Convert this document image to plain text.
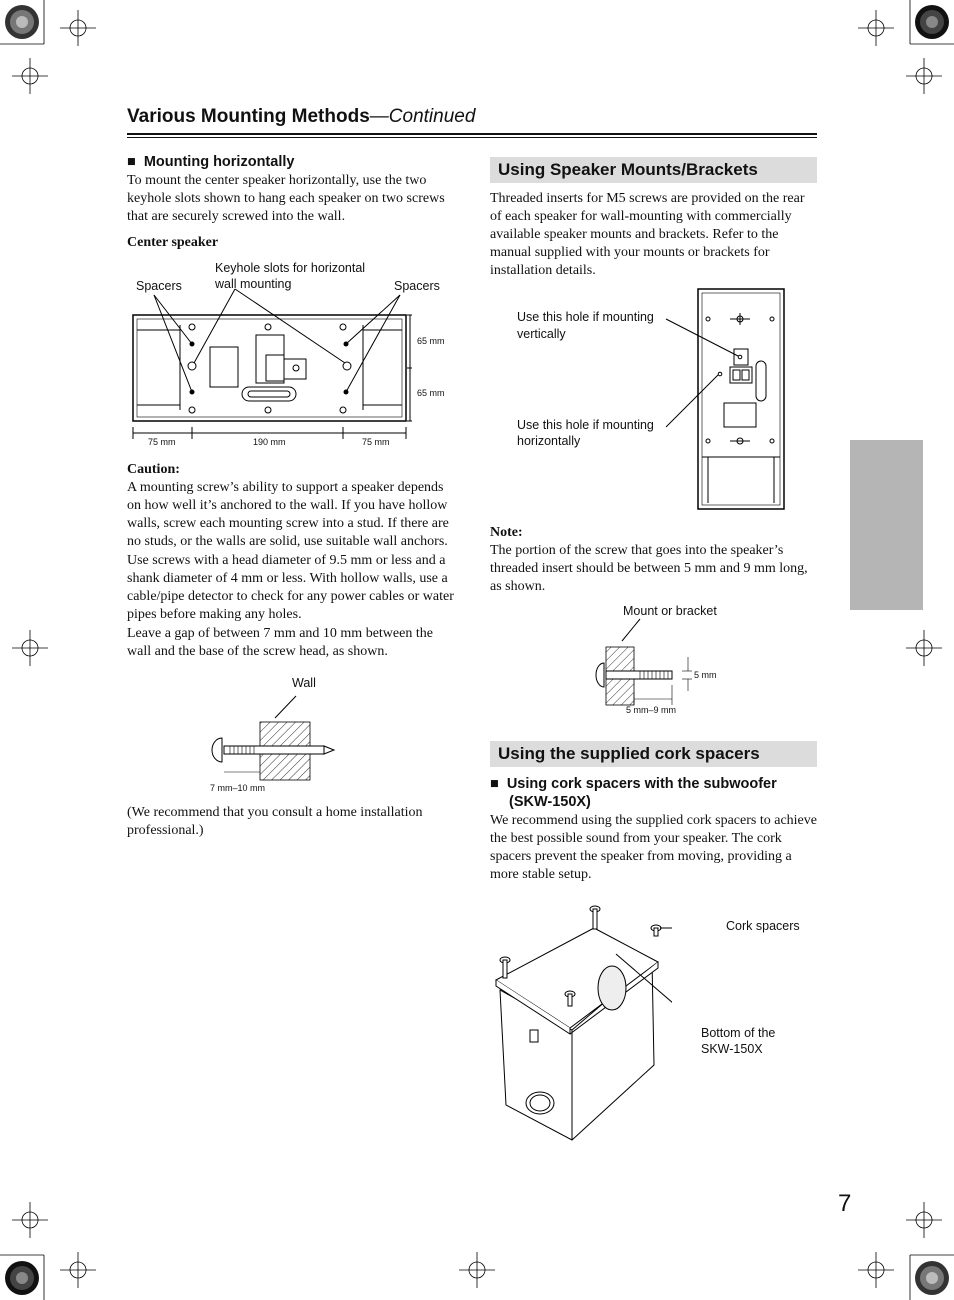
Various Mounting Methods—Continued
■ Mounting horizontally
To mount the center speaker horizontally, use the two keyhole slots shown to hang each speaker on two screws that are securely screwed into the wall.
Center speaker
Spacers
Keyhole slots for horizontal
wall mounting	Spacers
65 mm
65 mm
75 mm	190 mm	75 mm
Caution:
A mounting screw’s ability to support a speaker depends on how well it’s anchored to the wall. If you have hollow walls, screw each mounting screw into a stud. If there are no studs, or the walls are solid, use suitable wall anchors.
Use screws with a head diameter of 9.5 mm or less and a shank diameter of 4 mm or less. With hollow walls, use a cable/pipe detector to check for any power cables or water pipes before making any holes.
Leave a gap of between 7 mm and 10 mm between the wall and the base of the screw head, as shown.
Wall
7 mm–10 mm
(We recommend that you consult a home installation professional.)
Using Speaker Mounts/Brackets
Threaded inserts for M5 screws are provided on the rear of each speaker for wall-mounting with commercially available speaker mounts and brackets. Refer to the manual supplied with your mounts or brackets for installation details.
Use this hole if mounting
vertically
Use this hole if mounting
horizontally
Note:
The portion of the screw that goes into the speaker’s threaded insert should be between 5 mm and 9 mm long, as shown.
Mount or bracket
5 mm
5 mm–9 mm
Using the supplied cork spacers
■ Using cork spacers with the subwoofer
(SKW-150X)
We recommend using the supplied cork spacers to achieve the best possible sound from your speaker. The cork spacers prevent the speaker from moving, providing a more stable setup.
Cork spacers
Bottom of the
SKW-150X
7
